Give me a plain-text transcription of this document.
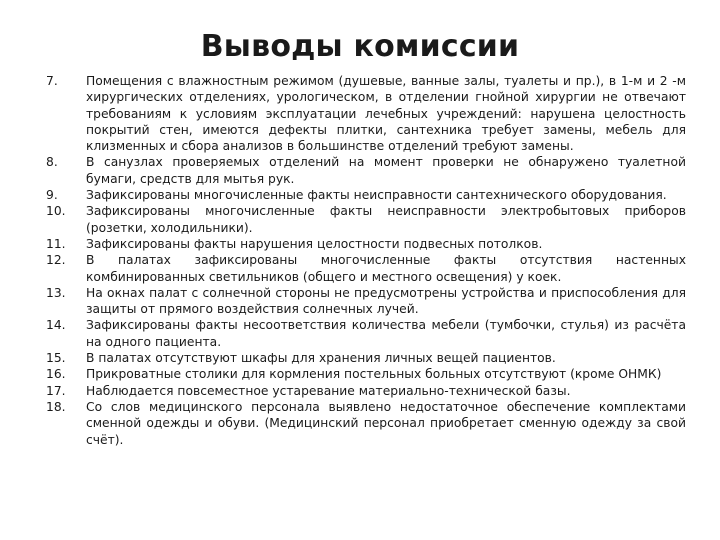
Выводы комиссии
7.	Помещения с влажностным режимом (душевые, ванные залы, туалеты и пр.), в 1-м и 2 -м хирургических отделениях, урологическом, в отделении гнойной хирургии не отвечают требованиям к условиям эксплуатации лечебных учреждений: нарушена целостность покрытий стен, имеются дефекты плитки, сантехника требует замены, мебель для клизменных и сбора анализов в большинстве отделений требуют замены.
8.	В санузлах проверяемых отделений на момент проверки не обнаружено туалетной бумаги, средств для мытья рук.
9.	Зафиксированы многочисленные факты неисправности сантехнического оборудования.
10.	Зафиксированы многочисленные факты неисправности электробытовых приборов (розетки, холодильники).
11.	Зафиксированы факты нарушения целостности подвесных потолков.
12.	В палатах зафиксированы многочисленные факты отсутствия настенных комбинированных светильников (общего и местного освещения) у коек.
13.	На окнах палат с солнечной стороны не предусмотрены устройства и приспособления для защиты от прямого воздействия солнечных лучей.
14.	Зафиксированы факты несоответствия количества мебели (тумбочки, стулья) из расчёта на одного пациента.
15.	В палатах отсутствуют шкафы для хранения личных вещей пациентов.
16.	Прикроватные столики для кормления постельных больных отсутствуют (кроме ОНМК)
17.	Наблюдается повсеместное устаревание материально-технической базы.
18.	Со слов медицинского персонала выявлено недостаточное обеспечение комплектами сменной одежды и обуви. (Медицинский персонал приобретает сменную одежду за свой счёт).
